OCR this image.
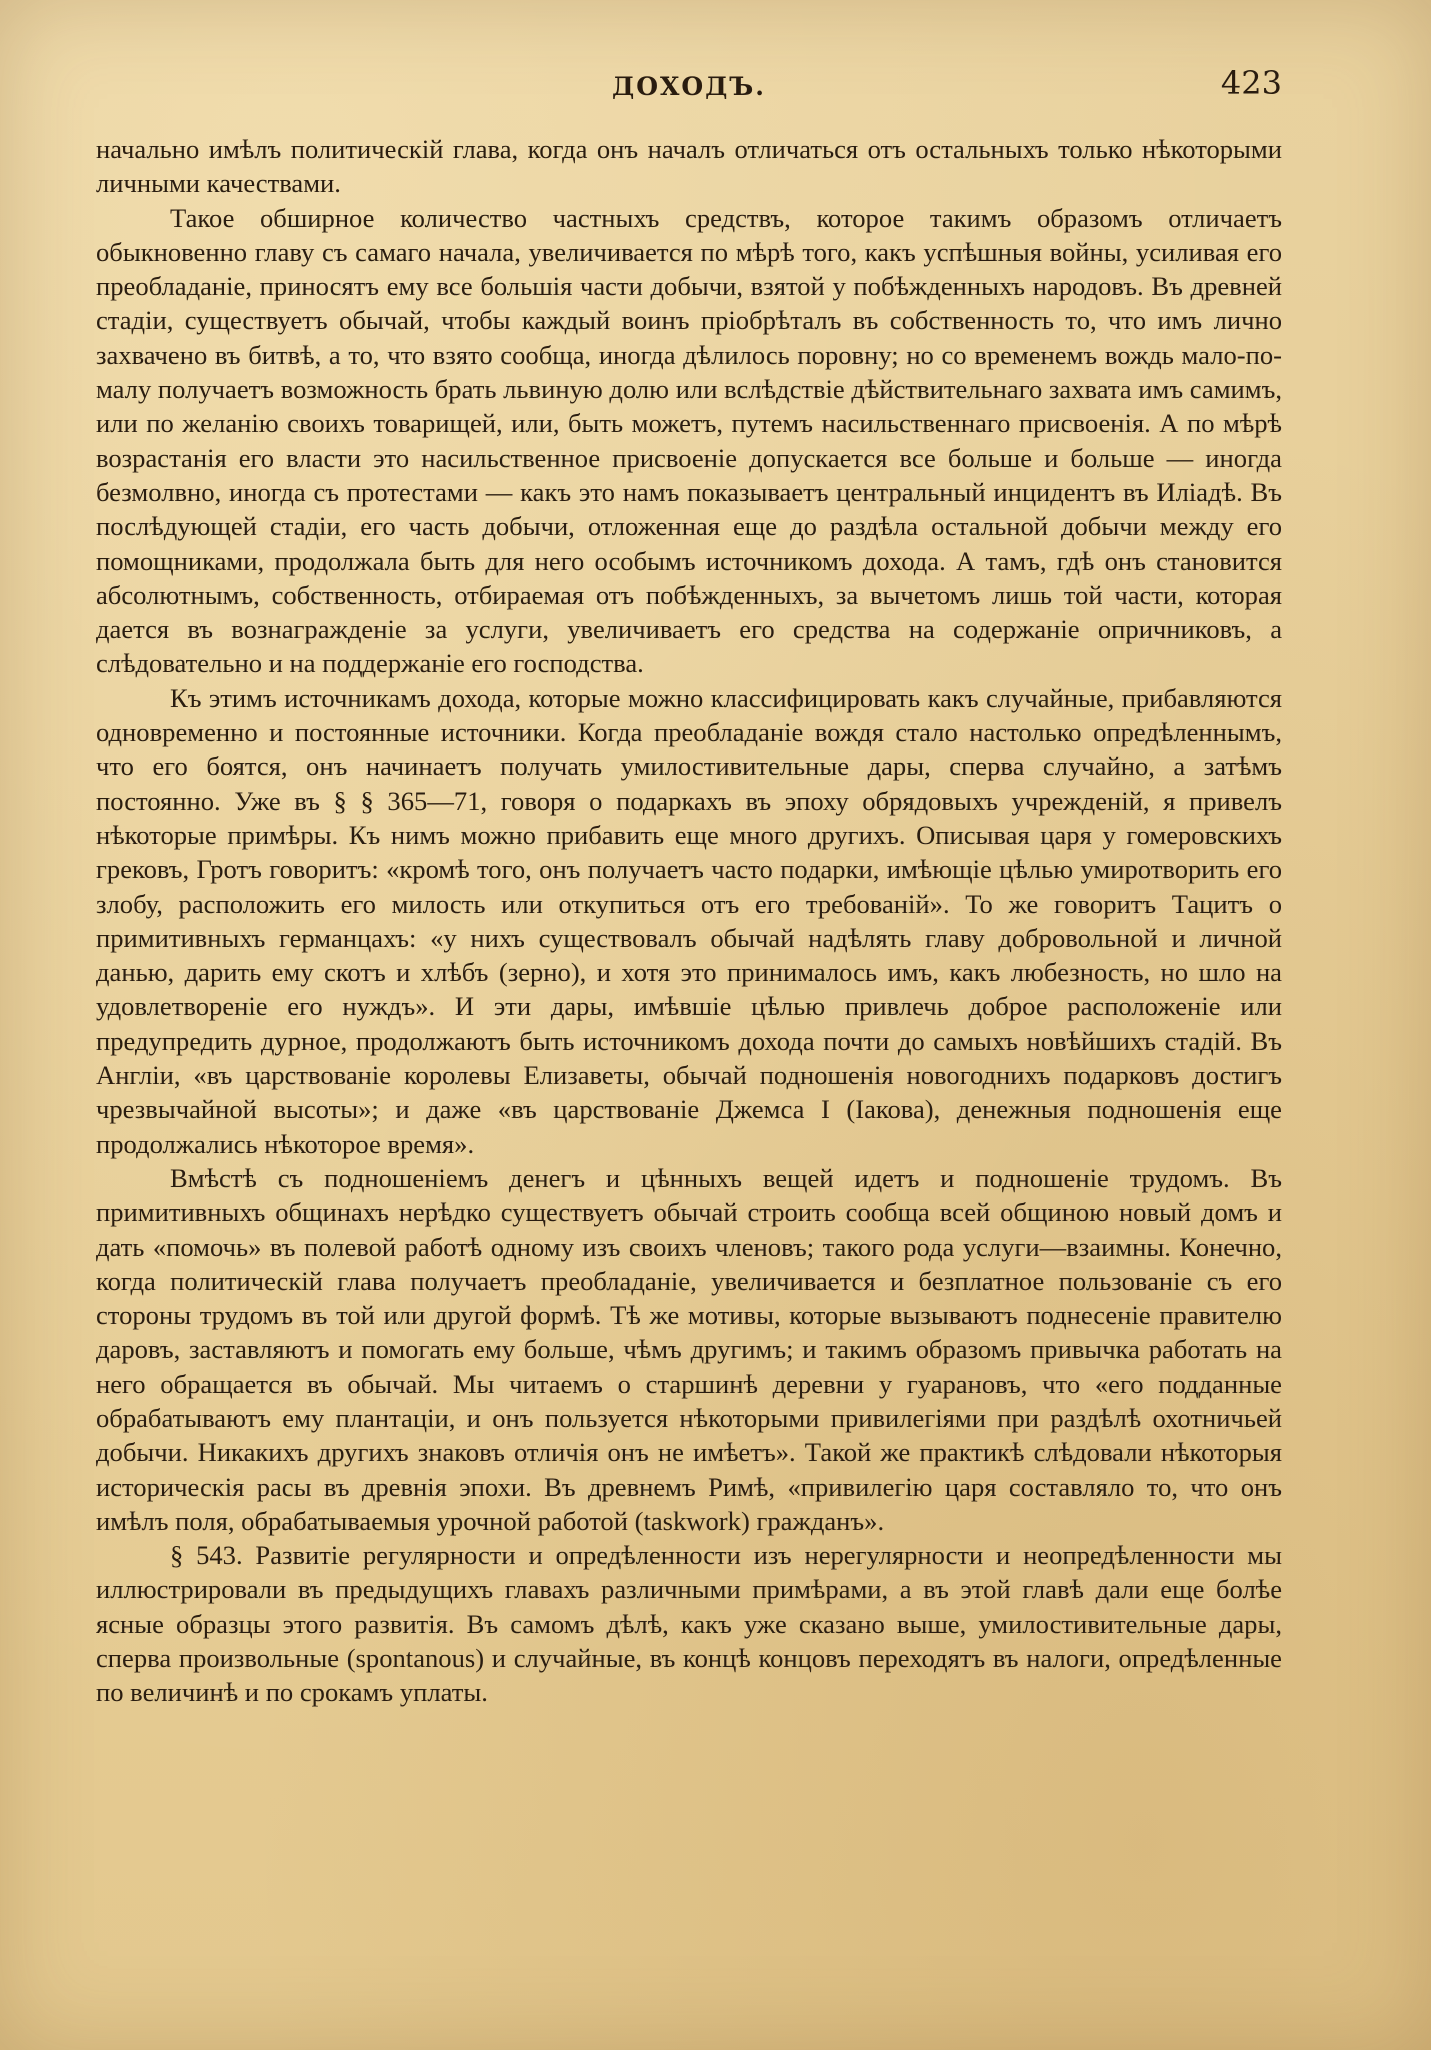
ДОХОДЪ.	423

начально имѣлъ политическій глава, когда онъ началъ отличаться отъ остальныхъ только нѣкоторыми личными качествами.

Такое обширное количество частныхъ средствъ, которое такимъ образомъ отличаетъ обыкновенно главу съ самаго начала, увеличивается по мѣрѣ того, какъ успѣшныя войны, усиливая его преобладаніе, приносятъ ему все большія части добычи, взятой у побѣжденныхъ народовъ. Въ древней стадіи, существуетъ обычай, чтобы каждый воинъ пріобрѣталъ въ собственность то, что имъ лично захвачено въ битвѣ, а то, что взято сообща, иногда дѣлилось поровну; но со временемъ вождь мало-по-малу получаетъ возможность брать львиную долю или вслѣдствіе дѣйствительнаго захвата имъ самимъ, или по желанію своихъ товарищей, или, быть можетъ, путемъ насильственнаго присвоенія. А по мѣрѣ возрастанія его власти это насильственное присвоеніе допускается все больше и больше — иногда безмолвно, иногда съ протестами — какъ это намъ показываетъ центральный инцидентъ въ Иліадѣ. Въ послѣдующей стадіи, его часть добычи, отложенная еще до раздѣла остальной добычи между его помощниками, продолжала быть для него особымъ источникомъ дохода. А тамъ, гдѣ онъ становится абсолютнымъ, собственность, отбираемая отъ побѣжденныхъ, за вычетомъ лишь той части, которая дается въ вознагражденіе за услуги, увеличиваетъ его средства на содержаніе опричниковъ, а слѣдовательно и на поддержаніе его господства.

Къ этимъ источникамъ дохода, которые можно классифицировать какъ случайные, прибавляются одновременно и постоянные источники. Когда преобладаніе вождя стало настолько опредѣленнымъ, что его боятся, онъ начинаетъ получать умилостивительные дары, сперва случайно, а затѣмъ постоянно. Уже въ § § 365—71, говоря о подаркахъ въ эпоху обрядовыхъ учрежденій, я привелъ нѣкоторые примѣры. Къ нимъ можно прибавить еще много другихъ. Описывая царя у гомеровскихъ грековъ, Гротъ говоритъ: «кромѣ того, онъ получаетъ часто подарки, имѣющіе цѣлью умиротворить его злобу, расположить его милость или откупиться отъ его требованій». То же говоритъ Тацитъ о примитивныхъ германцахъ: «у нихъ существовалъ обычай надѣлять главу добровольной и личной данью, дарить ему скотъ и хлѣбъ (зерно), и хотя это принималось имъ, какъ любезность, но шло на удовлетвореніе его нуждъ». И эти дары, имѣвшіе цѣлью привлечь доброе расположеніе или предупредить дурное, продолжаютъ быть источникомъ дохода почти до самыхъ новѣйшихъ стадій. Въ Англіи, «въ царствованіе королевы Елизаветы, обычай подношенія новогоднихъ подарковъ достигъ чрезвычайной высоты»; и даже «въ царствованіе Джемса I (Іакова), денежныя подношенія еще продолжались нѣкоторое время».

Вмѣстѣ съ подношеніемъ денегъ и цѣнныхъ вещей идетъ и подношеніе трудомъ. Въ примитивныхъ общинахъ нерѣдко существуетъ обычай строить сообща всей общиною новый домъ и дать «помочь» въ полевой работѣ одному изъ своихъ членовъ; такого рода услуги—взаимны. Конечно, когда политическій глава получаетъ преобладаніе, увеличивается и безплатное пользованіе съ его стороны трудомъ въ той или другой формѣ. Тѣ же мотивы, которые вызываютъ поднесеніе правителю даровъ, заставляютъ и помогать ему больше, чѣмъ другимъ; и такимъ образомъ привычка работать на него обращается въ обычай. Мы читаемъ о старшинѣ деревни у гуарановъ, что «его подданные обрабатываютъ ему плантаціи, и онъ пользуется нѣкоторыми привилегіями при раздѣлѣ охотничьей добычи. Никакихъ другихъ знаковъ отличія онъ не имѣетъ». Такой же практикѣ слѣдовали нѣкоторыя историческія расы въ древнія эпохи. Въ древнемъ Римѣ, «привилегію царя составляло то, что онъ имѣлъ поля, обрабатываемыя урочной работой (taskwork) гражданъ».

§ 543. Развитіе регулярности и опредѣленности изъ нерегулярности и неопредѣленности мы иллюстрировали въ предыдущихъ главахъ различными примѣрами, а въ этой главѣ дали еще болѣе ясные образцы этого развитія. Въ самомъ дѣлѣ, какъ уже сказано выше, умилостивительные дары, сперва произвольные (spontanous) и случайные, въ концѣ концовъ переходятъ въ налоги, опредѣленные по величинѣ и по срокамъ уплаты.
